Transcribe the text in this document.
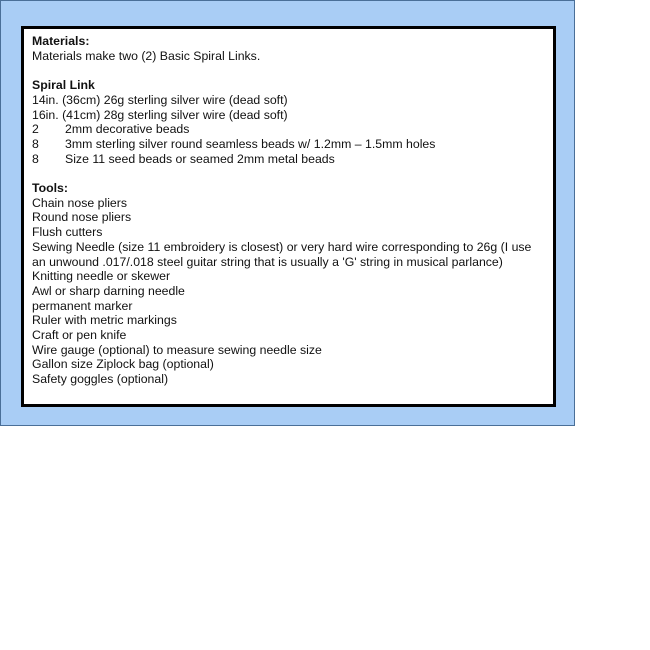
Materials:
Materials make two (2) Basic Spiral Links.
Spiral Link
14in. (36cm) 26g sterling silver wire (dead soft)
16in. (41cm) 28g sterling silver wire (dead soft)
2 2mm decorative beads
8 3mm sterling silver round seamless beads w/ 1.2mm – 1.5mm holes
8 Size 11 seed beads or seamed 2mm metal beads
Tools:
Chain nose pliers
Round nose pliers
Flush cutters
Sewing Needle (size 11 embroidery is closest) or very hard wire corresponding to 26g (I use an unwound .017/.018 steel guitar string that is usually a 'G' string in musical parlance)
Knitting needle or skewer
Awl or sharp darning needle
permanent marker
Ruler with metric markings
Craft or pen knife
Wire gauge (optional) to measure sewing needle size
Gallon size Ziplock bag (optional)
Safety goggles (optional)
